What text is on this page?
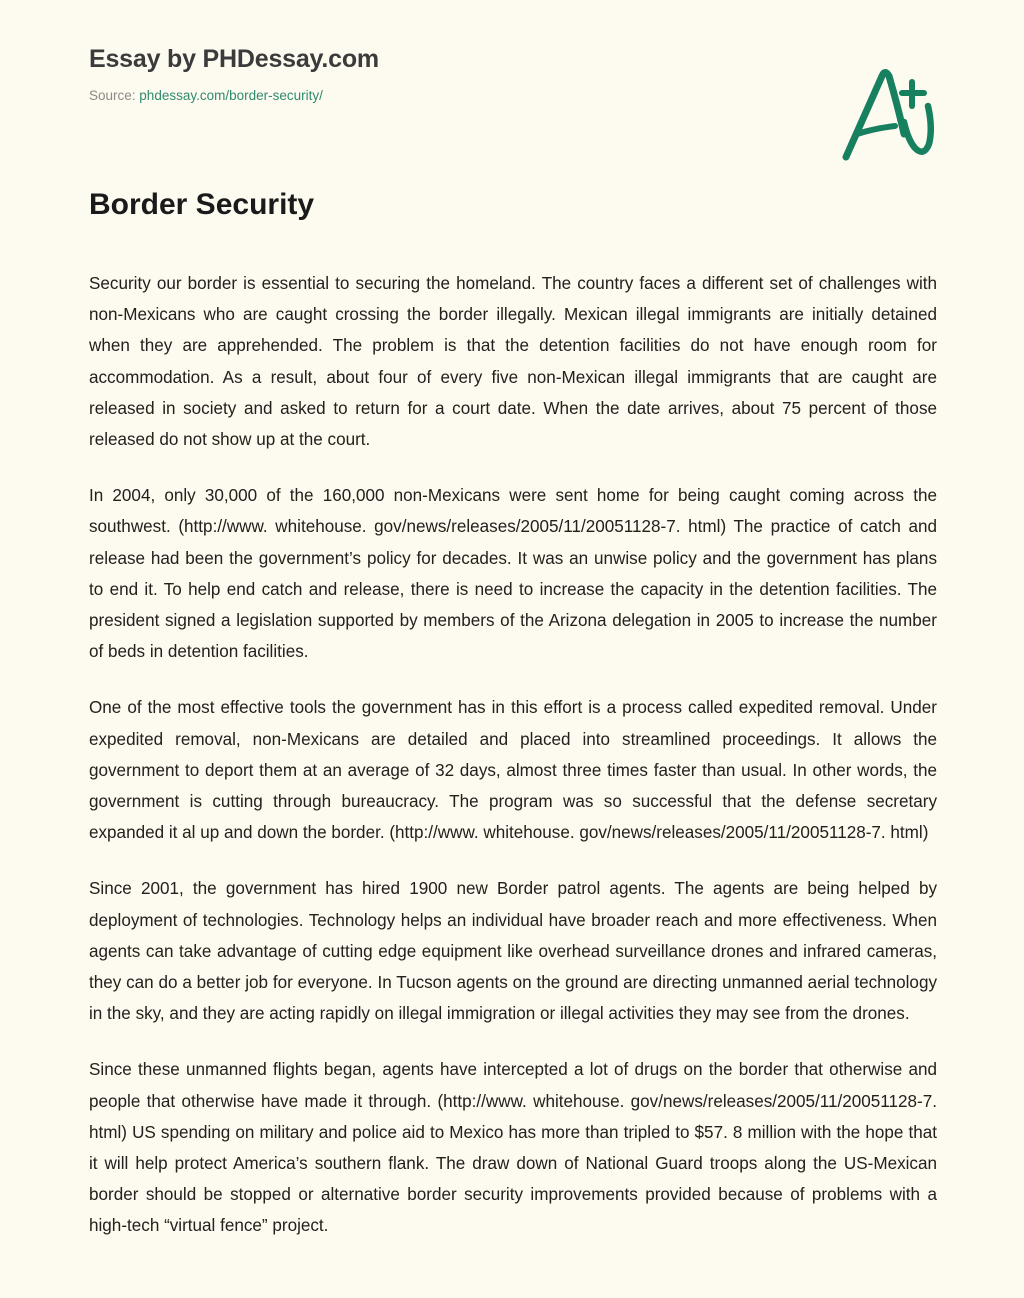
Essay by PHDessay.com
Source: phdessay.com/border-security/
Border Security

Security our border is essential to securing the homeland. The country faces a different set of challenges with non-Mexicans who are caught crossing the border illegally. Mexican illegal immigrants are initially detained when they are apprehended. The problem is that the detention facilities do not have enough room for accommodation. As a result, about four of every five non-Mexican illegal immigrants that are caught are released in society and asked to return for a court date. When the date arrives, about 75 percent of those released do not show up at the court.

In 2004, only 30,000 of the 160,000 non-Mexicans were sent home for being caught coming across the southwest. (http://www. whitehouse. gov/news/releases/2005/11/20051128-7. html) The practice of catch and release had been the government’s policy for decades. It was an unwise policy and the government has plans to end it. To help end catch and release, there is need to increase the capacity in the detention facilities. The president signed a legislation supported by members of the Arizona delegation in 2005 to increase the number of beds in detention facilities.

One of the most effective tools the government has in this effort is a process called expedited removal. Under expedited removal, non-Mexicans are detailed and placed into streamlined proceedings. It allows the government to deport them at an average of 32 days, almost three times faster than usual. In other words, the government is cutting through bureaucracy. The program was so successful that the defense secretary expanded it al up and down the border. (http://www. whitehouse. gov/news/releases/2005/11/20051128-7. html)

Since 2001, the government has hired 1900 new Border patrol agents. The agents are being helped by deployment of technologies. Technology helps an individual have broader reach and more effectiveness. When agents can take advantage of cutting edge equipment like overhead surveillance drones and infrared cameras, they can do a better job for everyone. In Tucson agents on the ground are directing unmanned aerial technology in the sky, and they are acting rapidly on illegal immigration or illegal activities they may see from the drones.

Since these unmanned flights began, agents have intercepted a lot of drugs on the border that otherwise and people that otherwise have made it through. (http://www. whitehouse. gov/news/releases/2005/11/20051128-7. html) US spending on military and police aid to Mexico has more than tripled to $57. 8 million with the hope that it will help protect America’s southern flank. The draw down of National Guard troops along the US-Mexican border should be stopped or alternative border security improvements provided because of problems with a high-tech “virtual fence” project.
